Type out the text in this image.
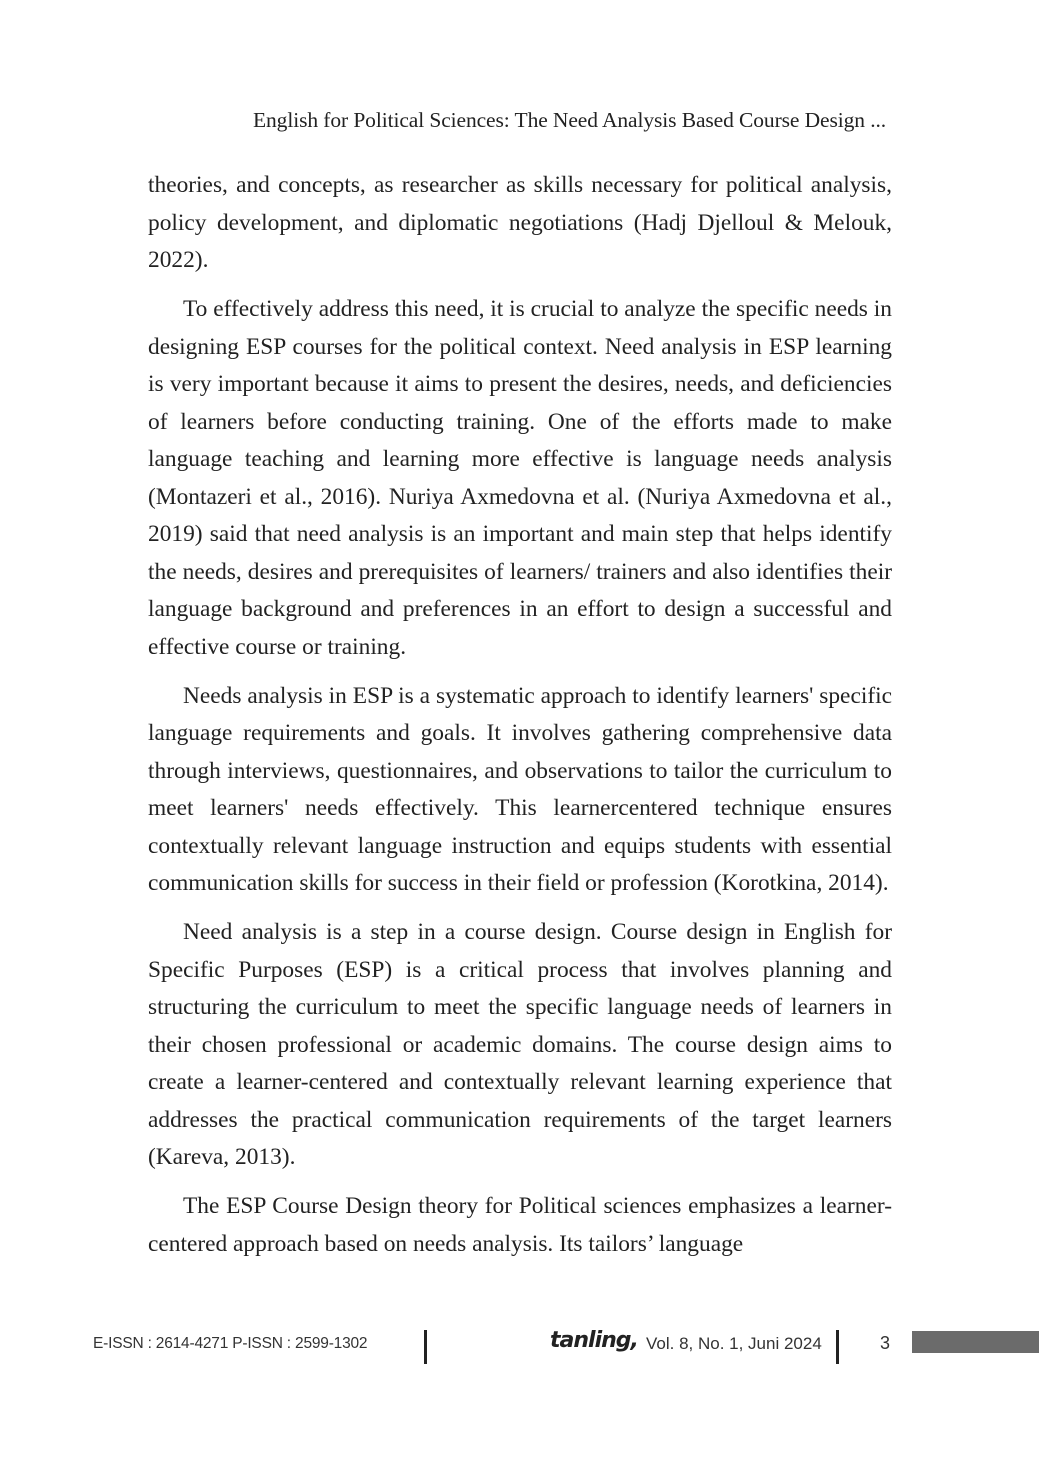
English for Political Sciences: The Need Analysis Based Course Design ...

theories, and concepts, as researcher as skills necessary for political analysis, policy development, and diplomatic negotiations (Hadj Djelloul & Melouk, 2022).

To effectively address this need, it is crucial to analyze the specific needs in designing ESP courses for the political context. Need analysis in ESP learning is very important because it aims to present the desires, needs, and deficiencies of learners before conducting training. One of the efforts made to make language teaching and learning more effective is language needs analysis (Montazeri et al., 2016). Nuriya Axmedovna et al. (Nuriya Axmedovna et al., 2019) said that need analysis is an important and main step that helps identify the needs, desires and prerequisites of learners/ trainers and also identifies their language background and preferences in an effort to design a successful and effective course or training.

Needs analysis in ESP is a systematic approach to identify learners' specific language requirements and goals. It involves gathering comprehensive data through interviews, questionnaires, and observations to tailor the curriculum to meet learners' needs effectively. This learnercentered technique ensures contextually relevant language instruction and equips students with essential communication skills for success in their field or profession (Korotkina, 2014).

Need analysis is a step in a course design. Course design in English for Specific Purposes (ESP) is a critical process that involves planning and structuring the curriculum to meet the specific language needs of learners in their chosen professional or academic domains. The course design aims to create a learner-centered and contextually relevant learning experience that addresses the practical communication requirements of the target learners (Kareva, 2013).

The ESP Course Design theory for Political sciences emphasizes a learner-centered approach based on needs analysis. Its tailors’ language

E-ISSN : 2614-4271 P-ISSN : 2599-1302	tanling, Vol. 8, No. 1, Juni 2024	3
